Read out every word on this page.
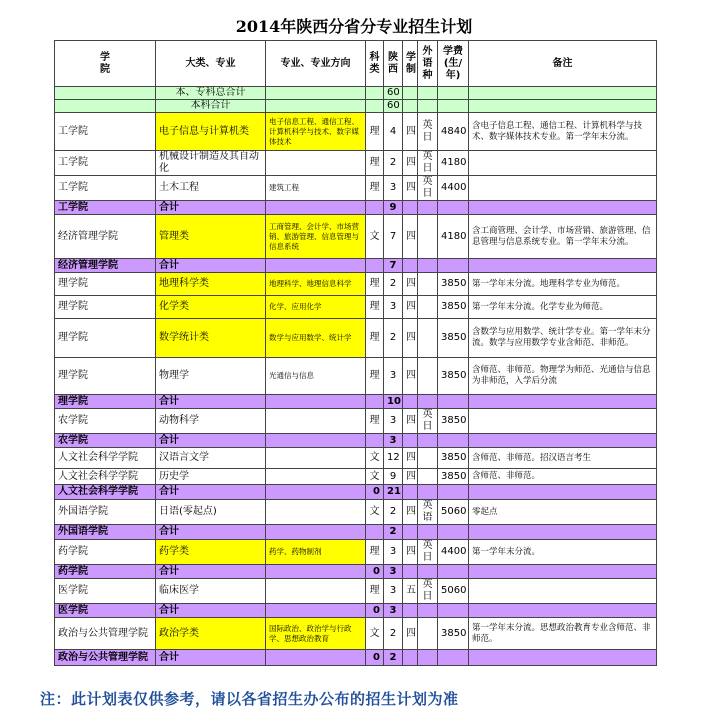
2014年陕西分省分专业招生计划
学
院	大类、专业	专业、专业方向	科类	陕西	学制	外语种	学费(生/年)	备注
	本、专科总合计			60				
	本科合计			60				
工学院	电子信息与计算机类	电子信息工程、通信工程、计算机科学与技术、数字媒体技术	理	4	四	英日	4840	含电子信息工程、通信工程、计算机科学与技术、数字媒体技术专业。第一学年末分流。
工学院	机械设计制造及其自动化		理	2	四	英日	4180	
工学院	土木工程	建筑工程	理	3	四	英日	4400	
工学院	合计			9				
经济管理学院	管理类	工商管理、会计学、市场营销、旅游管理、信息管理与信息系统	文	7	四		4180	含工商管理、会计学、市场营销、旅游管理、信息管理与信息系统专业。第一学年末分流。
经济管理学院	合计			7				
理学院	地理科学类	地理科学、地理信息科学	理	2	四		3850	第一学年末分流。地理科学专业为师范。
理学院	化学类	化学、应用化学	理	3	四		3850	第一学年末分流。化学专业为师范。
理学院	数学统计类	数学与应用数学、统计学	理	2	四		3850	含数学与应用数学、统计学专业。第一学年末分流。数学与应用数学专业含师范、非师范。
理学院	物理学	光通信与信息	理	3	四		3850	含师范、非师范。物理学为师范、光通信与信息为非师范，入学后分流
理学院	合计			10				
农学院	动物科学		理	3	四	英日	3850	
农学院	合计			3				
人文社会科学学院	汉语言文学		文	12	四		3850	含师范、非师范。招汉语言考生
人文社会科学学院	历史学		文	9	四		3850	含师范、非师范。
人文社会科学学院	合计		0	21				
外国语学院	日语(零起点)		文	2	四	英语	5060	零起点
外国语学院	合计			2				
药学院	药学类	药学、药物制剂	理	3	四	英日	4400	第一学年末分流。
药学院	合计		0	3				
医学院	临床医学		理	3	五	英日	5060	
医学院	合计		0	3				
政治与公共管理学院	政治学类	国际政治、政治学与行政学、思想政治教育	文	2	四		3850	第一学年末分流。思想政治教育专业含师范、非师范。
政治与公共管理学院	合计		0	2				
注：此计划表仅供参考，请以各省招生办公布的招生计划为准
